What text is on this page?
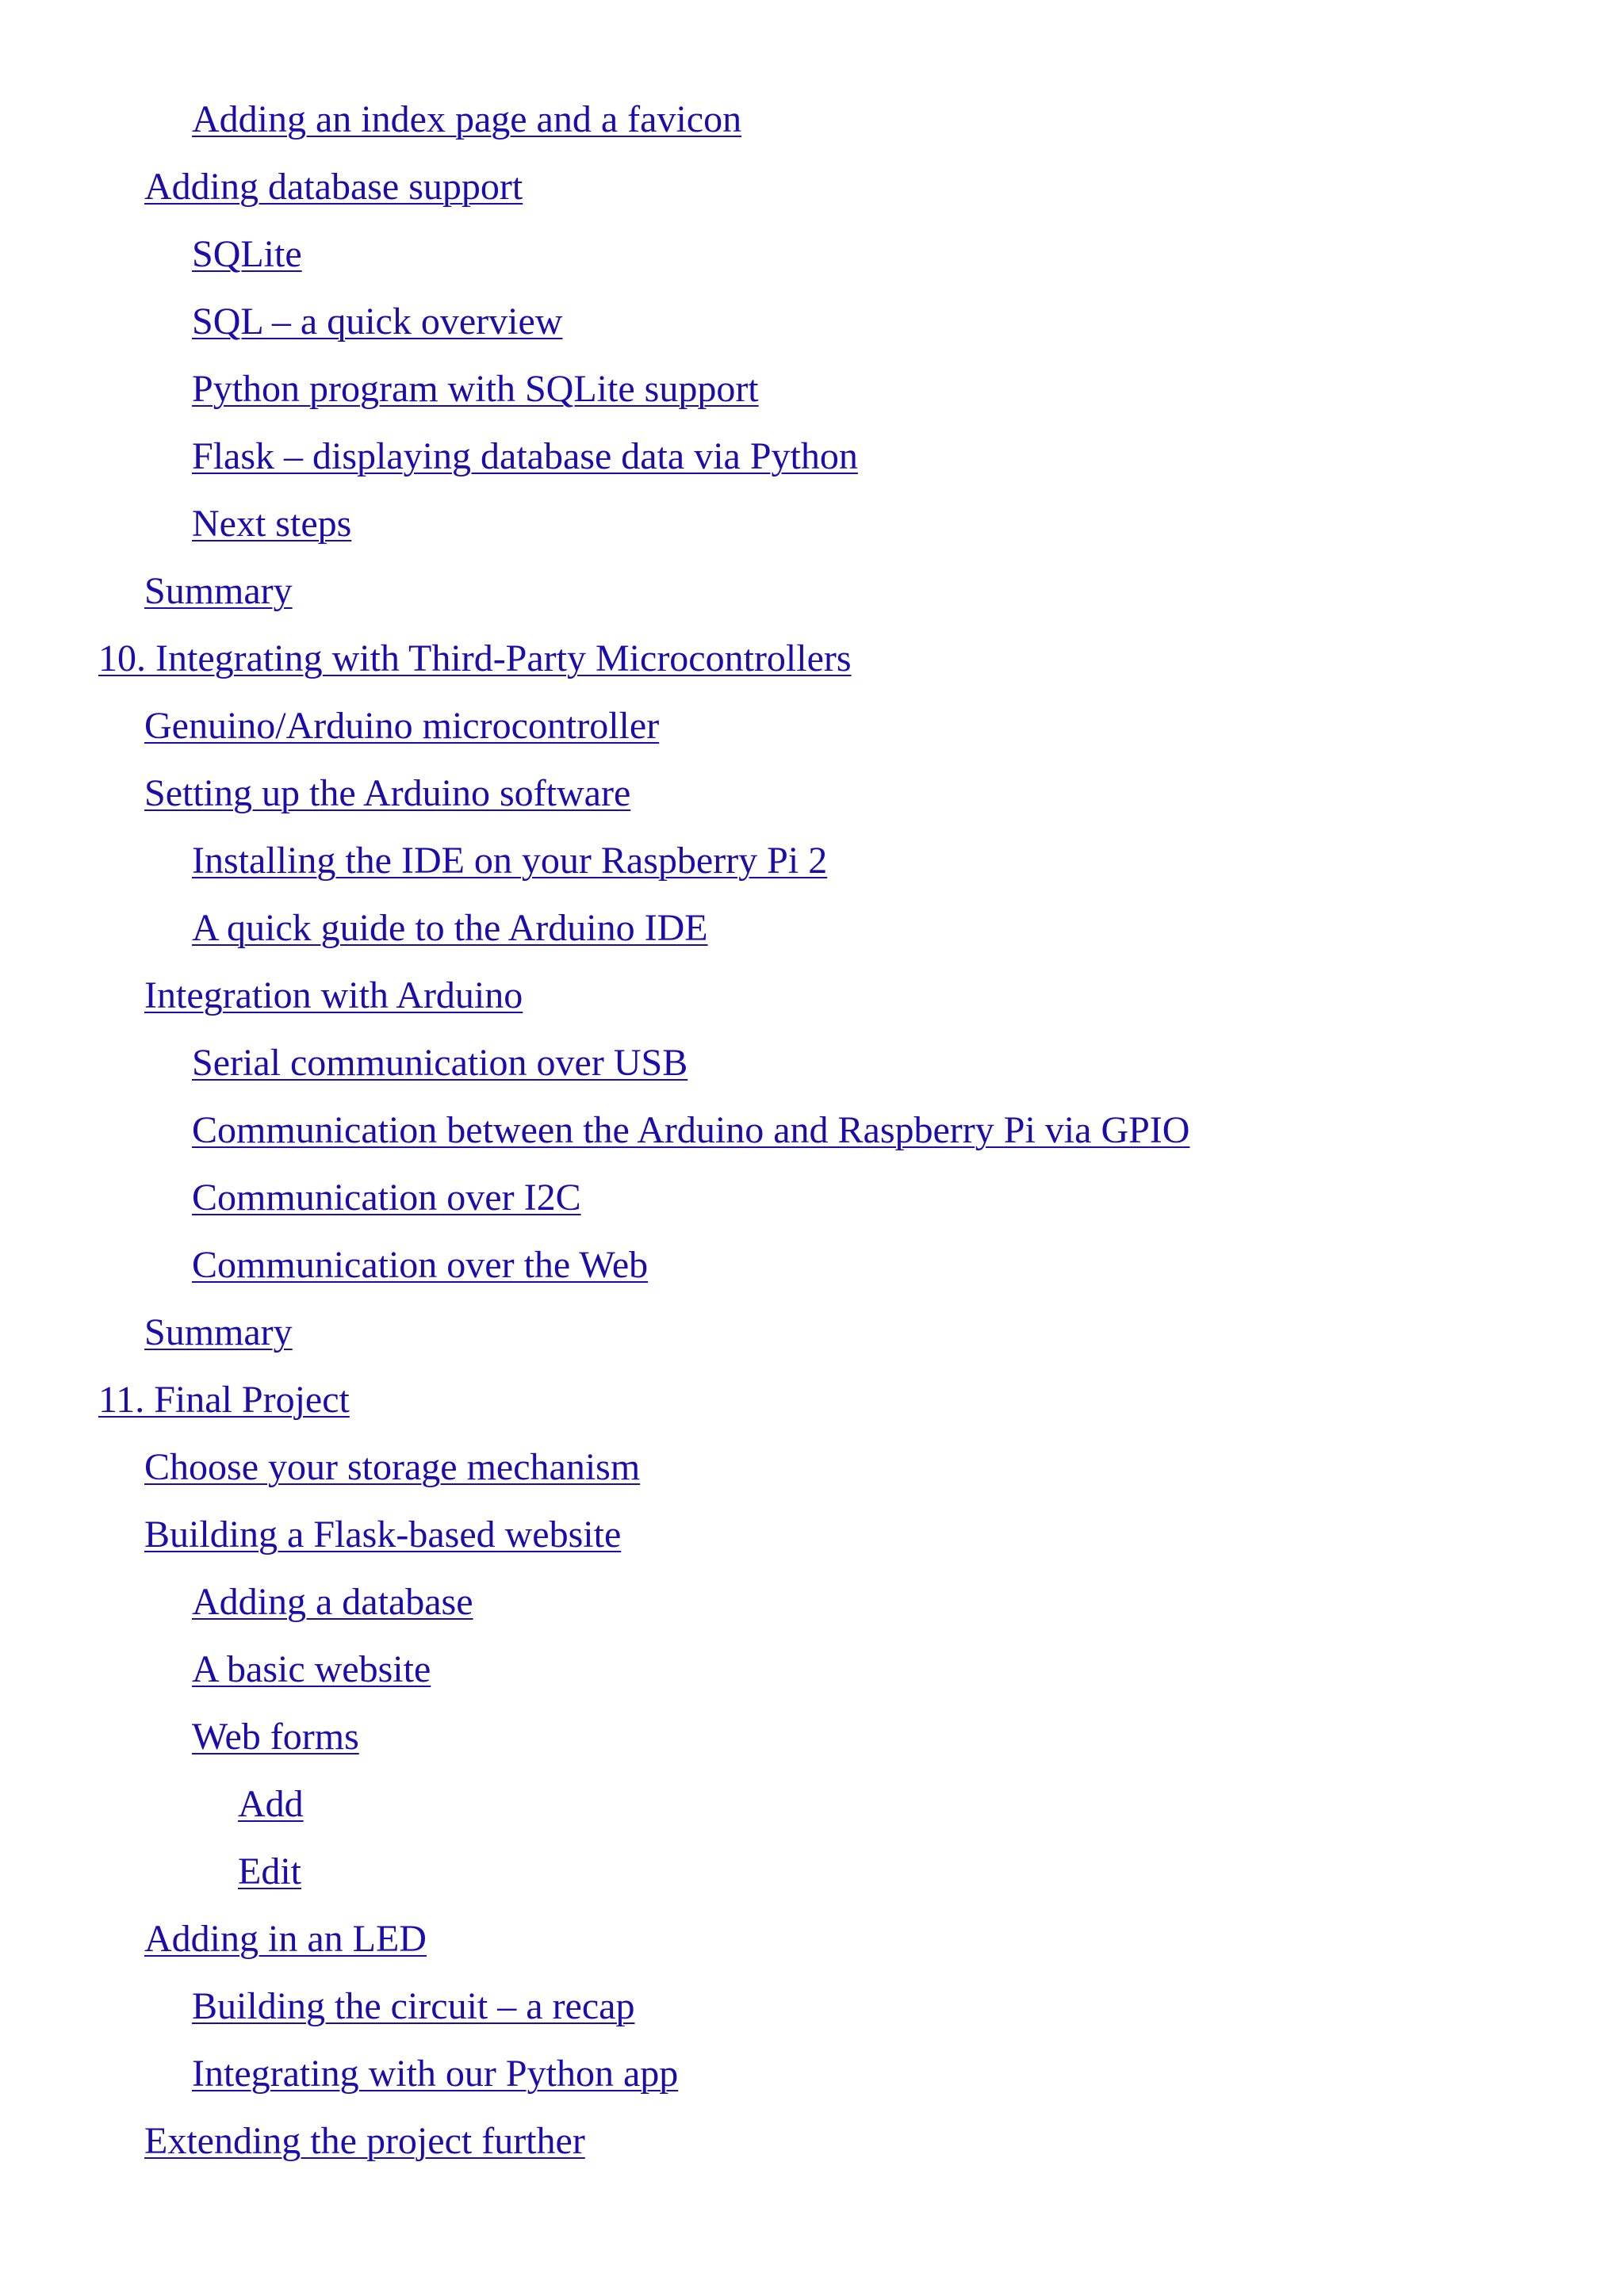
Adding an index page and a favicon
Adding database support
SQLite
SQL – a quick overview
Python program with SQLite support
Flask – displaying database data via Python
Next steps
Summary
10. Integrating with Third-Party Microcontrollers
Genuino/Arduino microcontroller
Setting up the Arduino software
Installing the IDE on your Raspberry Pi 2
A quick guide to the Arduino IDE
Integration with Arduino
Serial communication over USB
Communication between the Arduino and Raspberry Pi via GPIO
Communication over I2C
Communication over the Web
Summary
11. Final Project
Choose your storage mechanism
Building a Flask-based website
Adding a database
A basic website
Web forms
Add
Edit
Adding in an LED
Building the circuit – a recap
Integrating with our Python app
Extending the project further
